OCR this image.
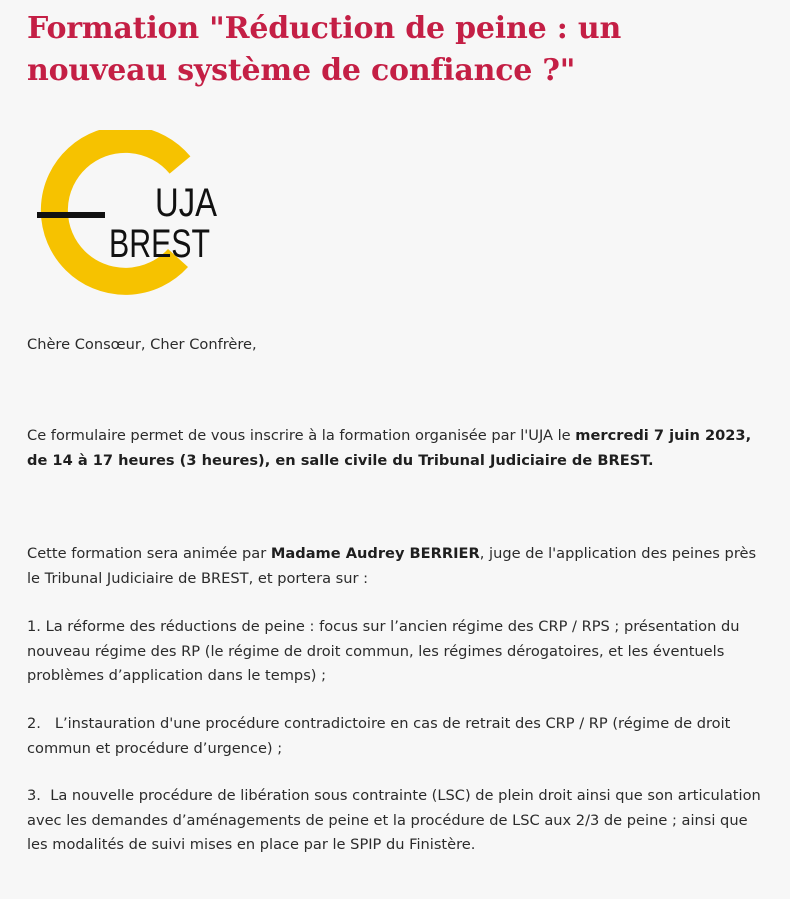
Formation "Réduction de peine : un nouveau système de confiance ?"
UJA
BREST
Chère Consœur, Cher Confrère,
Ce formulaire permet de vous inscrire à la formation organisée par l'UJA le mercredi 7 juin 2023, de 14 à 17 heures (3 heures), en salle civile du Tribunal Judiciaire de BREST.
Cette formation sera animée par Madame Audrey BERRIER, juge de l'application des peines près le Tribunal Judiciaire de BREST, et portera sur :
1. La réforme des réductions de peine : focus sur l’ancien régime des CRP / RPS ; présentation du nouveau régime des RP (le régime de droit commun, les régimes dérogatoires, et les éventuels problèmes d’application dans le temps) ;
2. L’instauration d'une procédure contradictoire en cas de retrait des CRP / RP (régime de droit commun et procédure d’urgence) ;
3. La nouvelle procédure de libération sous contrainte (LSC) de plein droit ainsi que son articulation avec les demandes d’aménagements de peine et la procédure de LSC aux 2/3 de peine ; ainsi que les modalités de suivi mises en place par le SPIP du Finistère.
